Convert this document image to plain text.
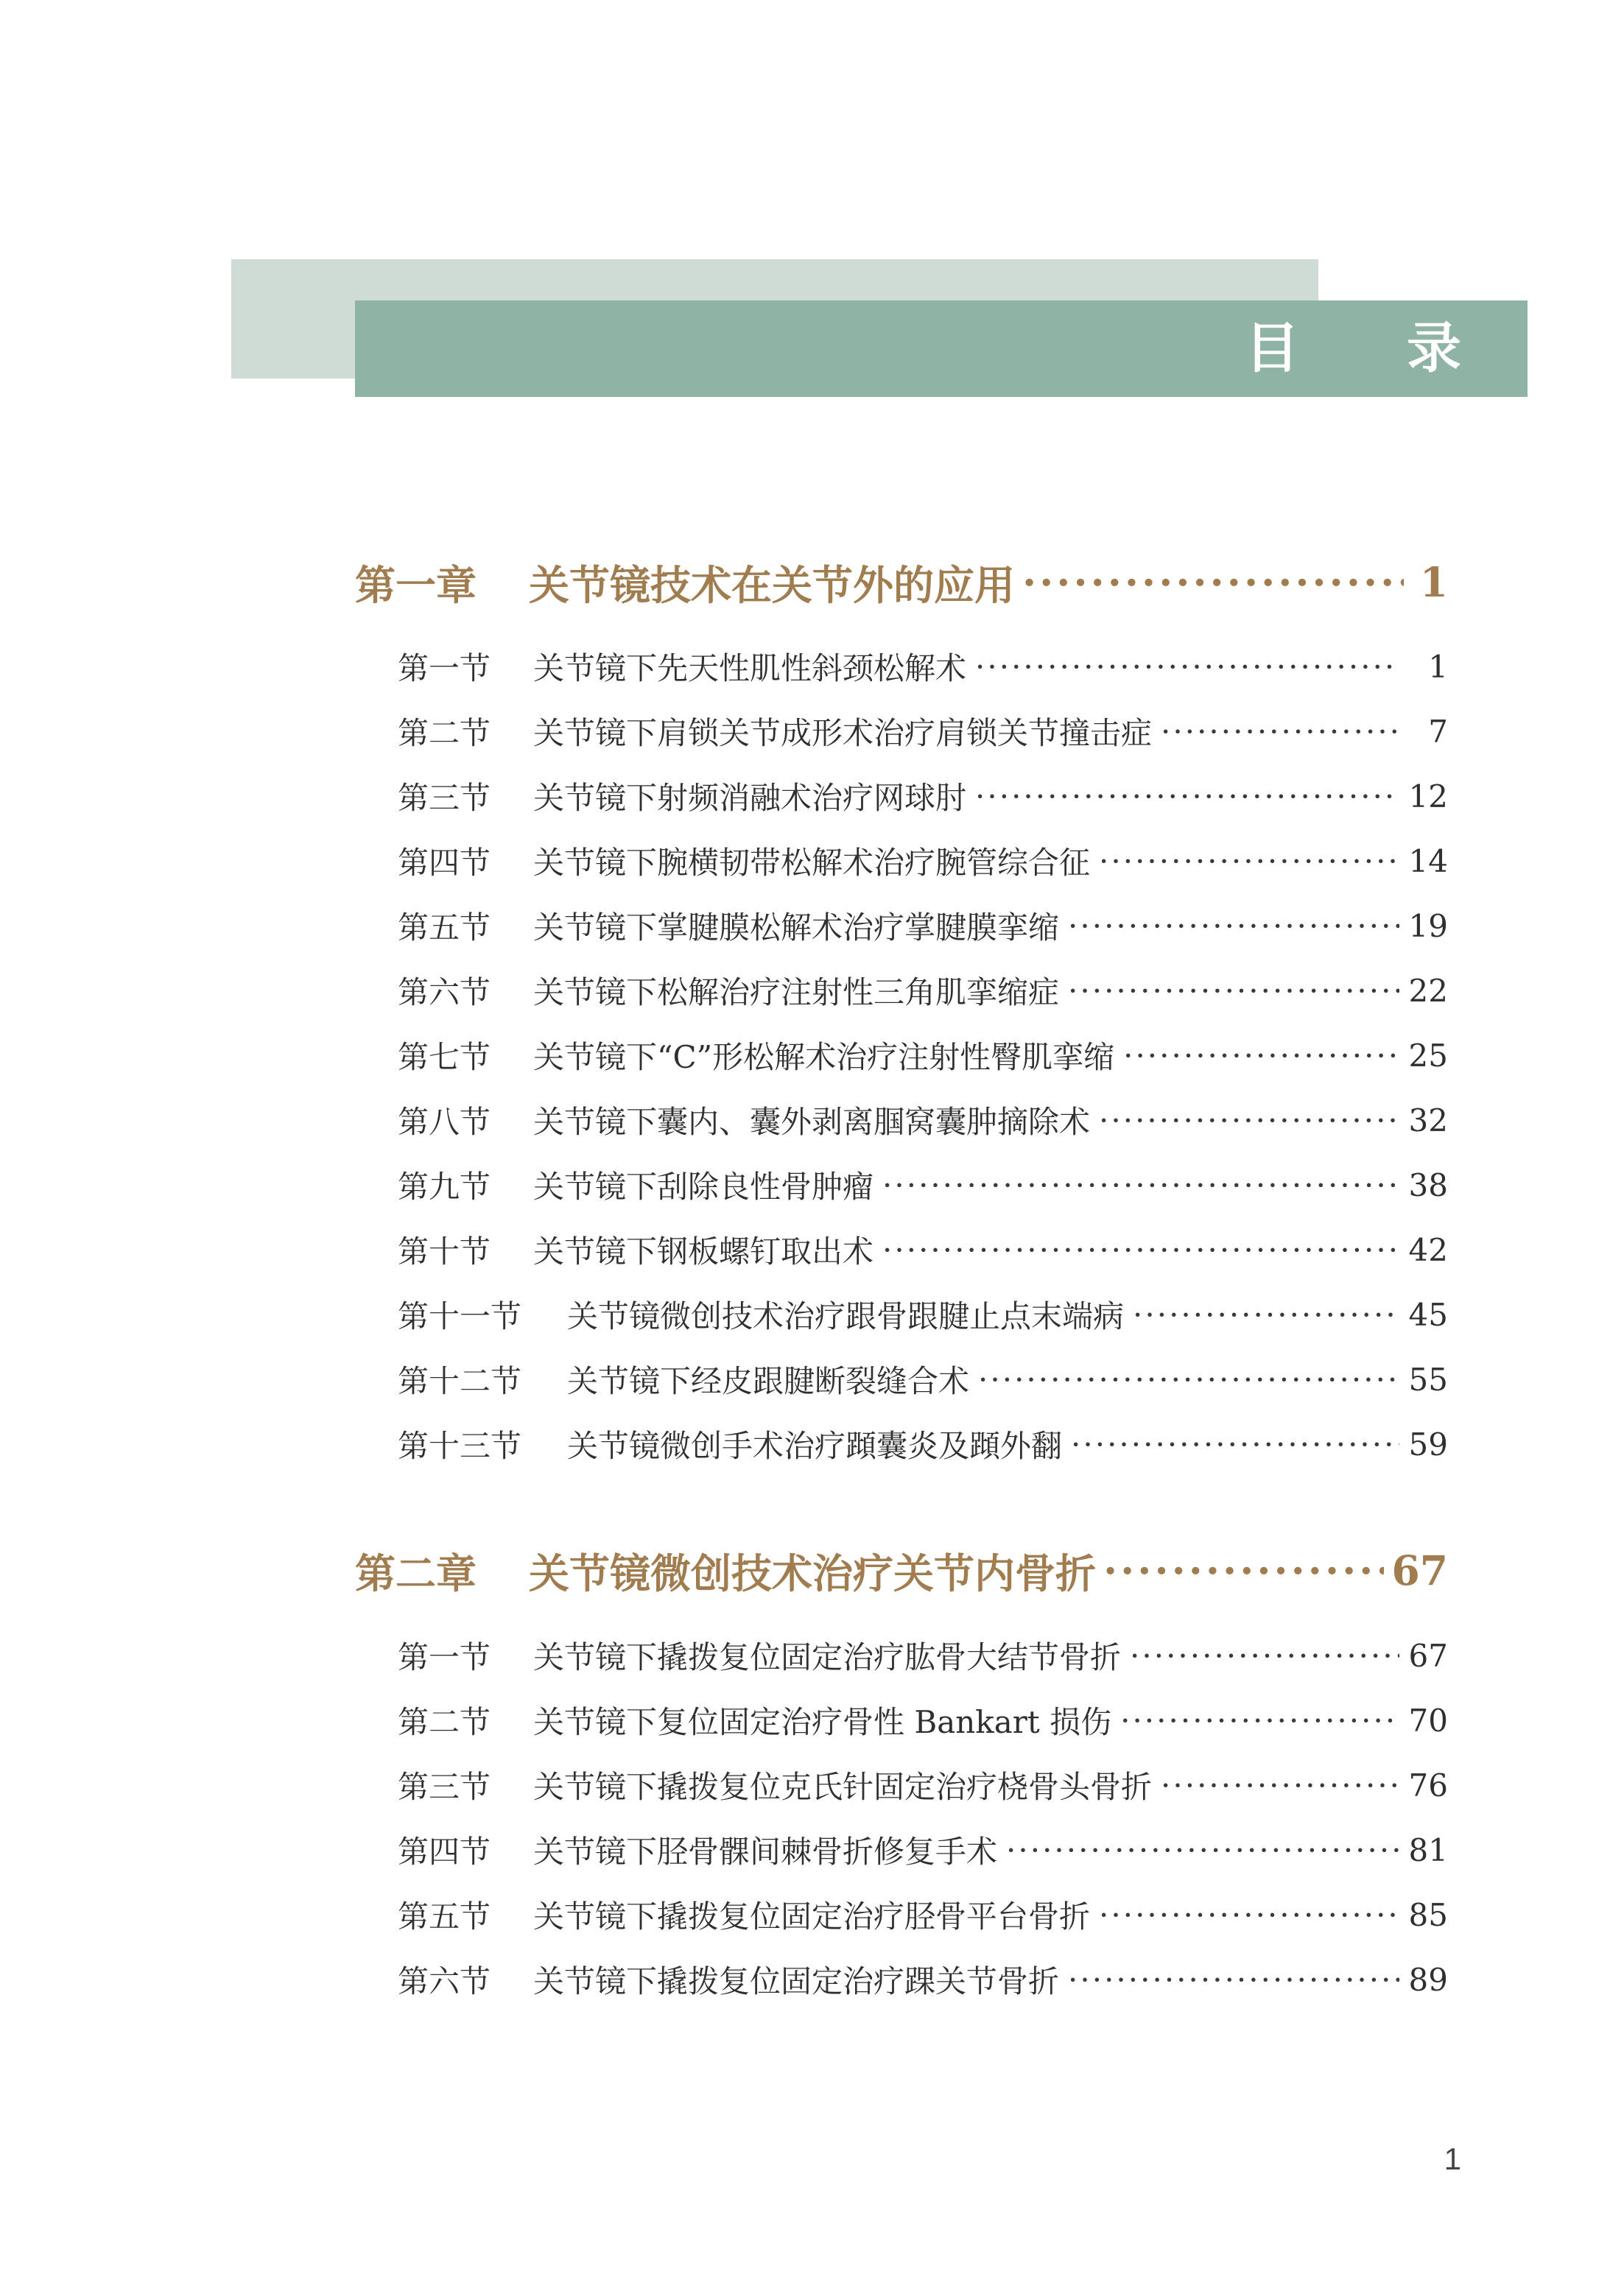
目 录
第一章	关节镜技术在关节外的应用 ·····	1
第一节	关节镜下先天性肌性斜颈松解术 ·····	1
第二节	关节镜下肩锁关节成形术治疗肩锁关节撞击症 ·····	7
第三节	关节镜下射频消融术治疗网球肘 ·····	12
第四节	关节镜下腕横韧带松解术治疗腕管综合征 ·····	14
第五节	关节镜下掌腱膜松解术治疗掌腱膜挛缩 ·····	19
第六节	关节镜下松解治疗注射性三角肌挛缩症 ·····	22
第七节	关节镜下“C”形松解术治疗注射性臀肌挛缩 ·····	25
第八节	关节镜下囊内、囊外剥离腘窝囊肿摘除术 ·····	32
第九节	关节镜下刮除良性骨肿瘤 ·····	38
第十节	关节镜下钢板螺钉取出术 ·····	42
第十一节	关节镜微创技术治疗跟骨跟腱止点末端病 ·····	45
第十二节	关节镜下经皮跟腱断裂缝合术 ·····	55
第十三节	关节镜微创手术治疗蹞囊炎及蹞外翻 ·····	59
第二章	关节镜微创技术治疗关节内骨折 ·····	67
第一节	关节镜下撬拨复位固定治疗肱骨大结节骨折 ·····	67
第二节	关节镜下复位固定治疗骨性 Bankart 损伤 ·····	70
第三节	关节镜下撬拨复位克氏针固定治疗桡骨头骨折 ·····	76
第四节	关节镜下胫骨髁间棘骨折修复手术 ·····	81
第五节	关节镜下撬拨复位固定治疗胫骨平台骨折 ·····	85
第六节	关节镜下撬拨复位固定治疗踝关节骨折 ·····	89
1
